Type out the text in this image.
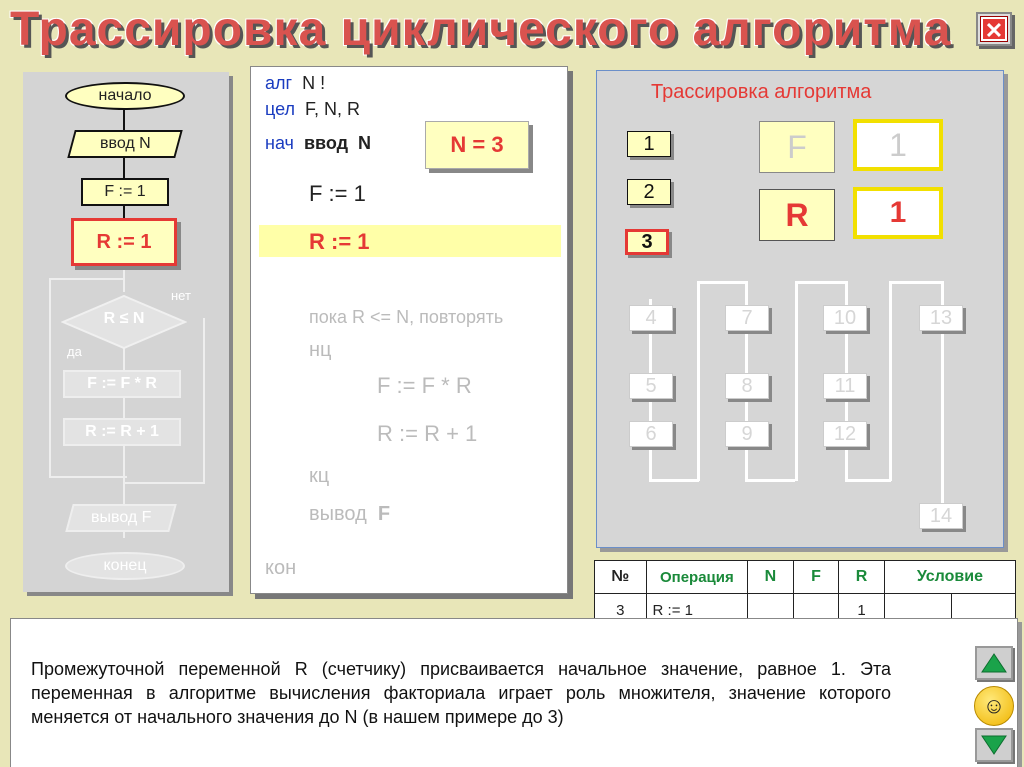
Трассировка циклического алгоритма ✕
начало
ввод N
F := 1
R := 1
R ≤ N
нет
да
F := F * R
R := R + 1
вывод F
конец
алг N !
цел F, N, R
нач ввод N	N = 3
F := 1
R := 1
пока R <= N, повторять
нц
F := F * R
R := R + 1
кц
вывод F
кон
Трассировка алгоритма
1
2
3
4
5
6
7
8
9
10
11
12
13
14
F	1
R	1
№	Операция	N	F	R	Условие	
3	R := 1			1		
Промежуточной переменной R (счетчику) присваивается начальное значение, равное 1. Эта переменная в алгоритме вычисления факториала играет роль множителя, значение которого меняется от начального значения до N (в нашем примере до 3)	☺
